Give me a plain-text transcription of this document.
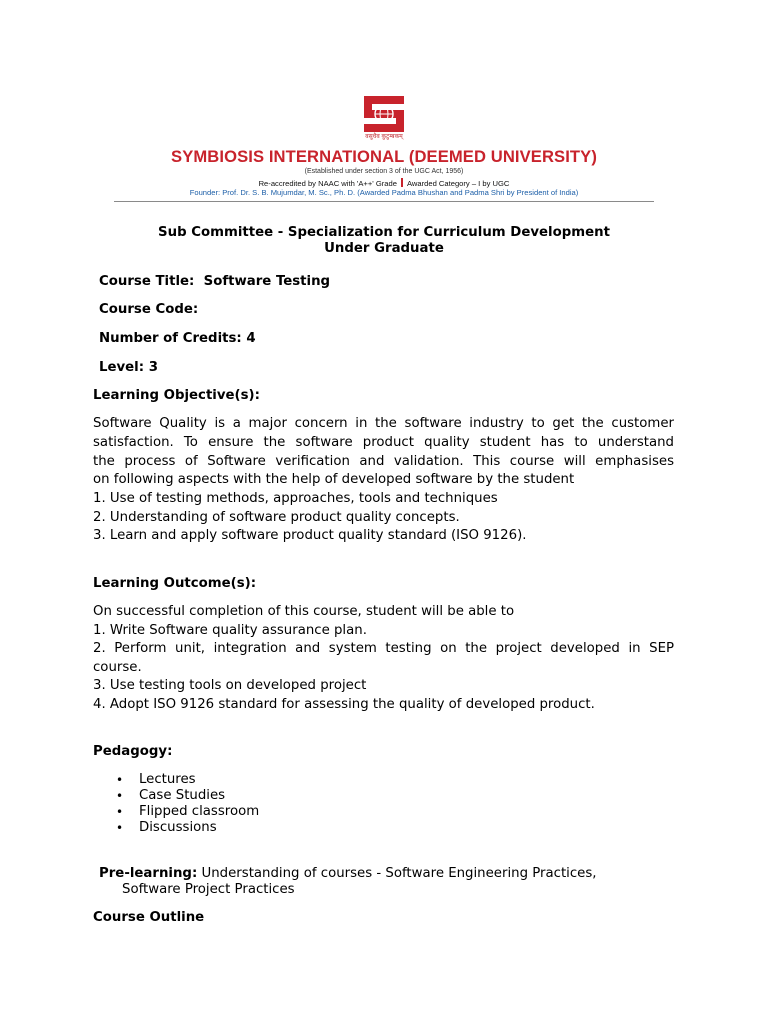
वसुधैव कुटुम्बकम्
SYMBIOSIS INTERNATIONAL (DEEMED UNIVERSITY)
(Established under section 3 of the UGC Act, 1956)
Re-accredited by NAAC with 'A++' Grade Awarded Category – I by UGC
Founder: Prof. Dr. S. B. Mujumdar, M. Sc., Ph. D. (Awarded Padma Bhushan and Padma Shri by President of India)
Sub Committee - Specialization for Curriculum Development
Under Graduate
Course Title: Software Testing
Course Code:
Number of Credits: 4
Level: 3
Learning Objective(s):
Software Quality is a major concern in the software industry to get the customer
satisfaction. To ensure the software product quality student has to understand
the process of Software verification and validation. This course will emphasises
on following aspects with the help of developed software by the student
1. Use of testing methods, approaches, tools and techniques
2. Understanding of software product quality concepts.
3. Learn and apply software product quality standard (ISO 9126).
Learning Outcome(s):
On successful completion of this course, student will be able to
1. Write Software quality assurance plan.
2. Perform unit, integration and system testing on the project developed in SEP
course.
3. Use testing tools on developed project
4. Adopt ISO 9126 standard for assessing the quality of developed product.
Pedagogy:
• Lectures
• Case Studies
• Flipped classroom
• Discussions
Pre-learning: Understanding of courses - Software Engineering Practices,
Software Project Practices
Course Outline
